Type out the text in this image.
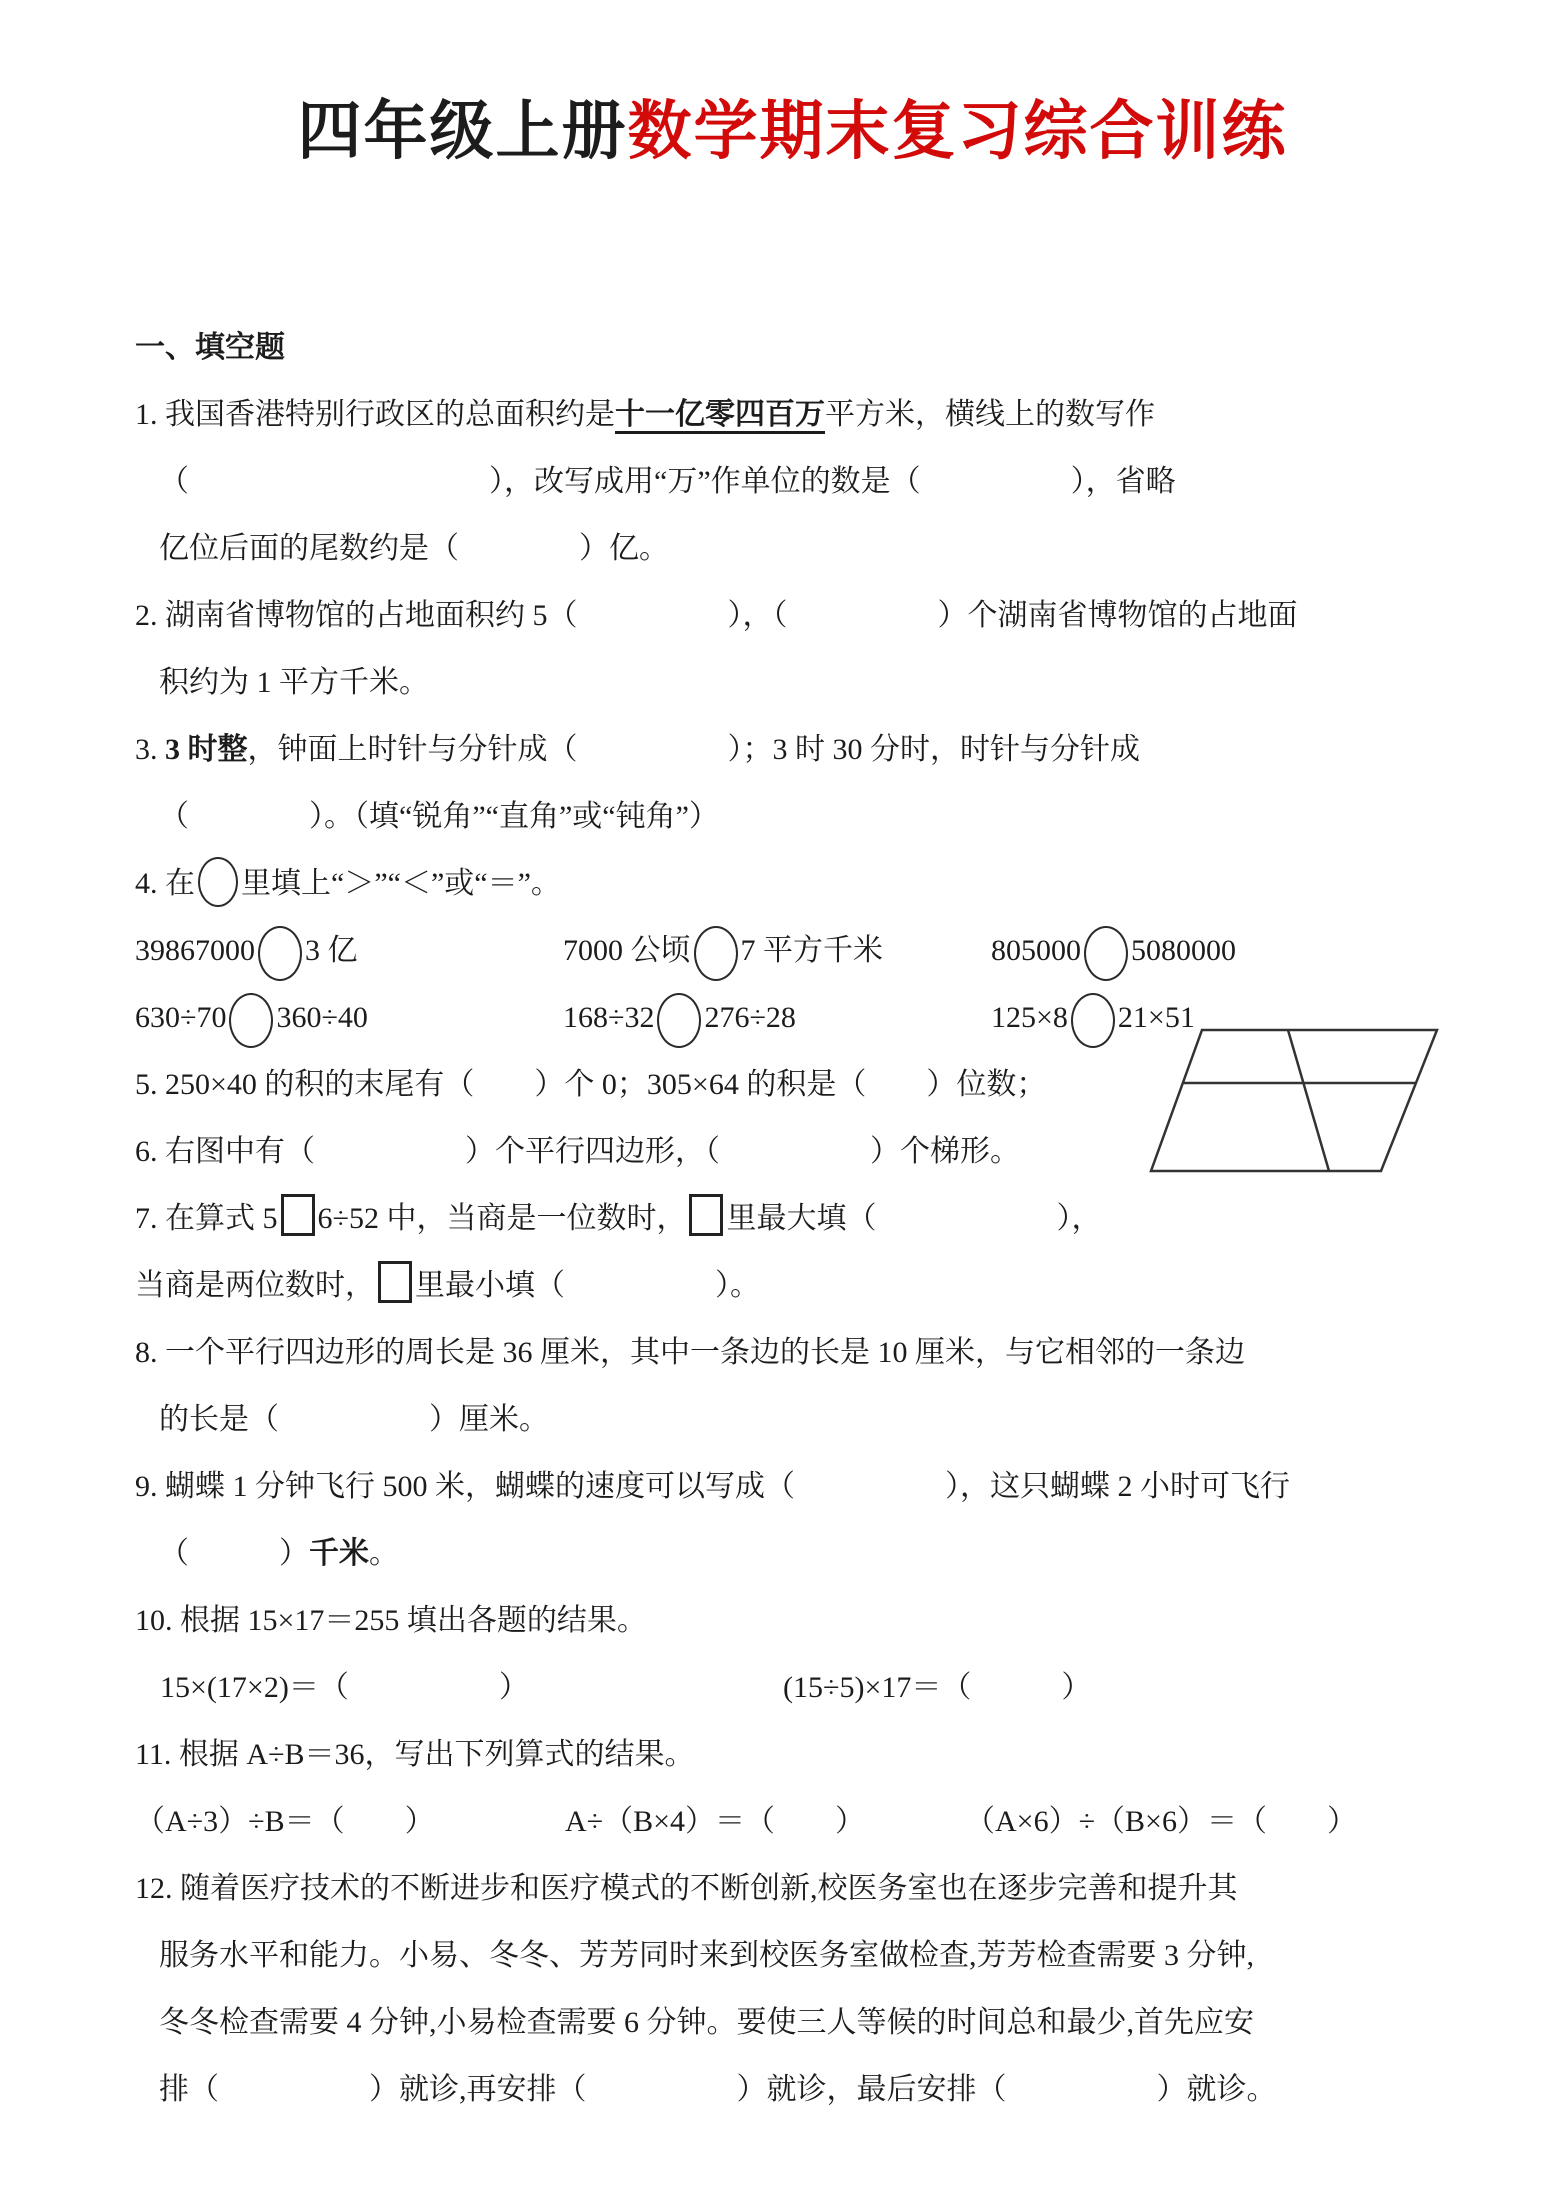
四年级上册数学期末复习综合训练
一、填空题
1. 我国香港特别行政区的总面积约是十一亿零四百万平方米，横线上的数写作
（　　　　　　　　　　），改写成用“万”作单位的数是（　　　　　），省略
亿位后面的尾数约是（　　　　）亿。
2. 湖南省博物馆的占地面积约 5（　　　　　），（　　　　　）个湖南省博物馆的占地面
积约为 1 平方千米。
3. 3 时整，钟面上时针与分针成（　　　　　）；3 时 30 分时，时针与分针成
（　　　　）。（填“锐角”“直角”或“钝角”）
4. 在 里填上“＞”“＜”或“＝”。
39867000 3 亿	7000 公顷 7 平方千米	805000 5080000
630÷70 360÷40	168÷32 276÷28	125×8 21×51
5. 250×40 的积的末尾有（　　）个 0；305×64 的积是（　　）位数；
6. 右图中有（　　　　　）个平行四边形，（　　　　　）个梯形。
7. 在算式 5 6÷52 中，当商是一位数时， 里最大填（　　　　　　），
当商是两位数时， 里最小填（　　　　　）。
8. 一个平行四边形的周长是 36 厘米，其中一条边的长是 10 厘米，与它相邻的一条边
的长是（　　　　　）厘米。
9. 蝴蝶 1 分钟飞行 500 米，蝴蝶的速度可以写成（　　　　　），这只蝴蝶 2 小时可飞行
（　　　）千米。
10. 根据 15×17＝255 填出各题的结果。
15×(17×2)＝（　　　　　）	(15÷5)×17＝（　　　）
11. 根据 A÷B＝36，写出下列算式的结果。
（A÷3）÷B＝（　　）	A÷（B×4）＝（　　）	（A×6）÷（B×6）＝（　　）
12. 随着医疗技术的不断进步和医疗模式的不断创新,校医务室也在逐步完善和提升其
服务水平和能力。小易、冬冬、芳芳同时来到校医务室做检查,芳芳检查需要 3 分钟,
冬冬检查需要 4 分钟,小易检查需要 6 分钟。要使三人等候的时间总和最少,首先应安
排（　　　　　）就诊,再安排（　　　　　）就诊，最后安排（　　　　　）就诊。
